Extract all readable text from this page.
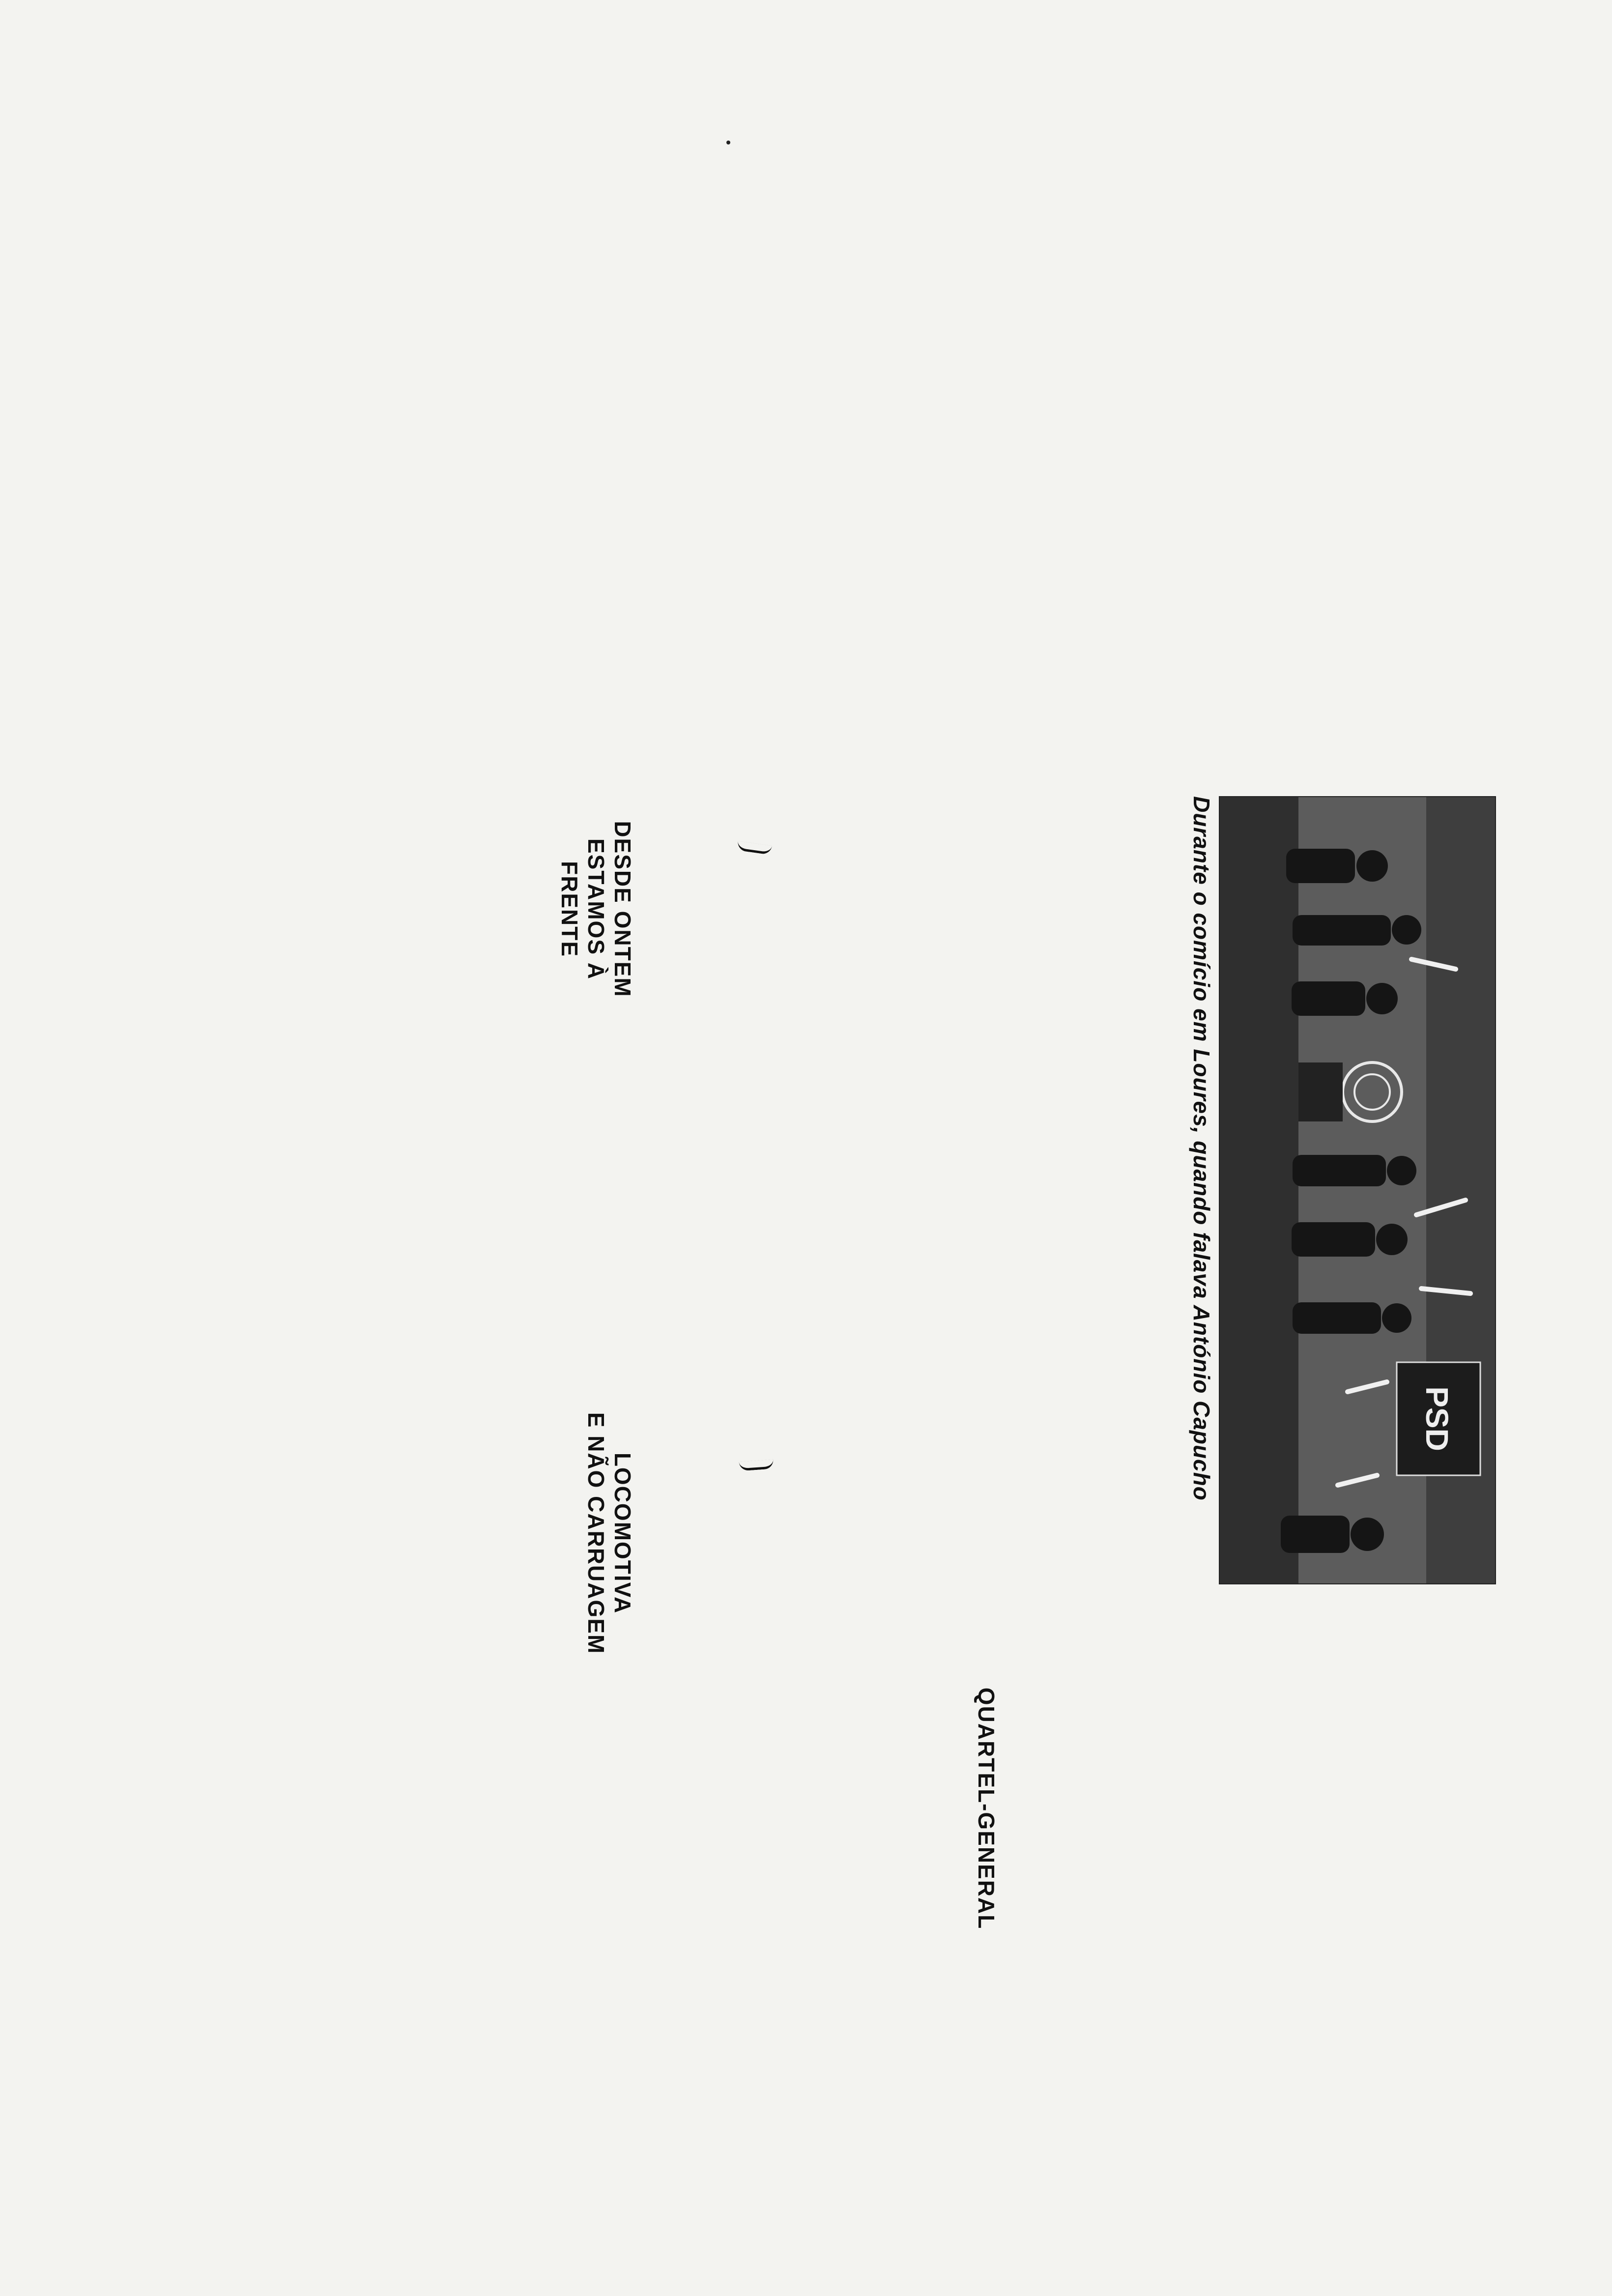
PSD
Durante o comício em Loures, quando falava António Capucho
DESDE ONTEM
ESTAMOS À FRENTE
LOCOMOTIVA
E NÃO CARRUAGEM
QUARTEL-GENERAL
